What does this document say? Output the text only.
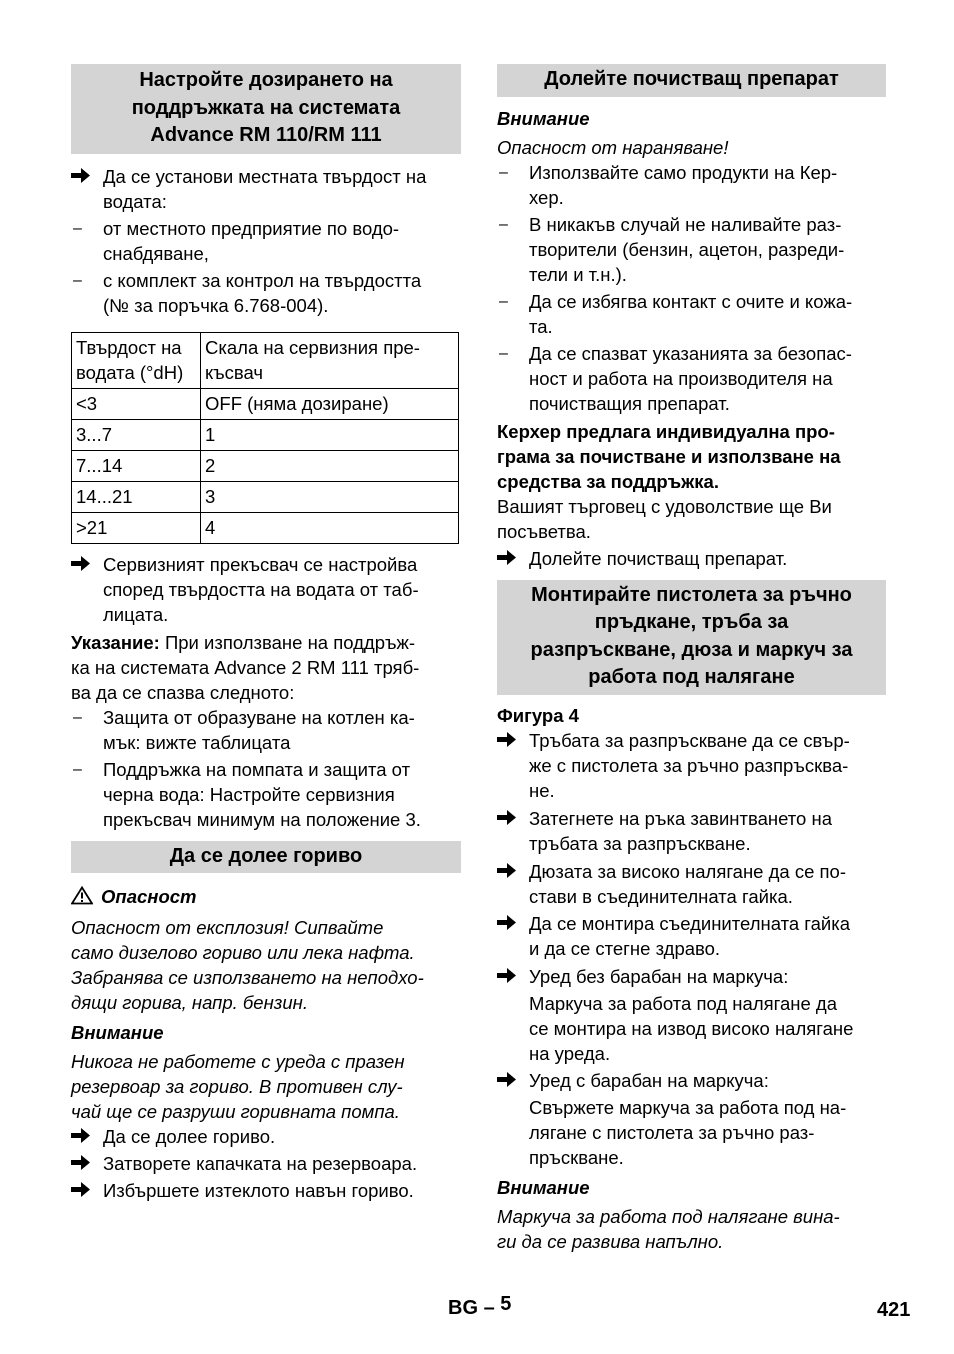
Настройте дозирането на
поддръжката на системата
Advance RM 110/RM 111
Да се установи местната твърдост на
водата:
–	от местното предприятие по водо-
снабдяване,
–	с комплект за контрол на твърдостта
(№ за поръчка 6.768-004).
Твърдост на
водата (°dH)	Скала на сервизния пре-
късвач

<3	OFF (няма дозиране)
3...7	1
7...14	2
14...21	3
>21	4
Сервизният прекъсвач се настройва
според твърдостта на водата от таб-
лицата.

Указание: При използване на поддръж-
ка на системата Advance 2 RM 111 тряб-
ва да се спазва следното:

–	Защита от образуване на котлен ка-
мък: вижте таблицата
–	Поддръжка на помпата и защита от
черна вода: Настройте сервизния
прекъсвач минимум на положение 3.
Да се долее гориво

Опасност

Опасност от експлозия! Сипвайте
само дизелово гориво или лека нафта.
Забранява се използването на неподхо-
дящи горива, напр. бензин.

Внимание

Никога не работете с уреда с празен
резервоар за гориво. В противен слу-
чай ще се разруши горивната помпа.

Да се долее гориво.
Затворете капачката на резервоара.
Избършете изтеклото навън гориво.
Долейте почистващ препарат

Внимание

Опасност от нараняване!

–	Използвайте само продукти на Кер-
хер.
–	В никакъв случай не наливайте раз-
творители (бензин, ацетон, разреди-
тели и т.н.).
–	Да се избягва контакт с очите и кожа-
та.
–	Да се спазват указанията за безопас-
ност и работа на производителя на
почистващия препарат.

Керхер предлага индивидуална про-
грама за почистване и използване на
средства за поддръжка.

Вашият търговец с удоволствие ще Ви
посъветва.

Долейте почистващ препарат.
Монтирайте пистолета за ръчно
пръдкане, тръба за
разпръскване, дюза и маркуч за
работа под налягане

Фигура 4

Тръбата за разпръскване да се свър-
же с пистолета за ръчно разпръсква-
не.
Затегнете на ръка завинтването на
тръбата за разпръскване.
Дюзата за високо налягане да се по-
стави в съединителната гайка.
Да се монтира съединителната гайка
и да се стегне здраво.
Уред без барабан на маркуча:

Маркуча за работа под налягане да
се монтира на извод високо налягане
на уреда.

Уред с барабан на маркуча:

Свържете маркуча за работа под на-
лягане с пистолета за ръчно раз-
пръскване.

Внимание

Маркуча за работа под налягане вина-
ги да се развива напълно.

BG – 5	421
